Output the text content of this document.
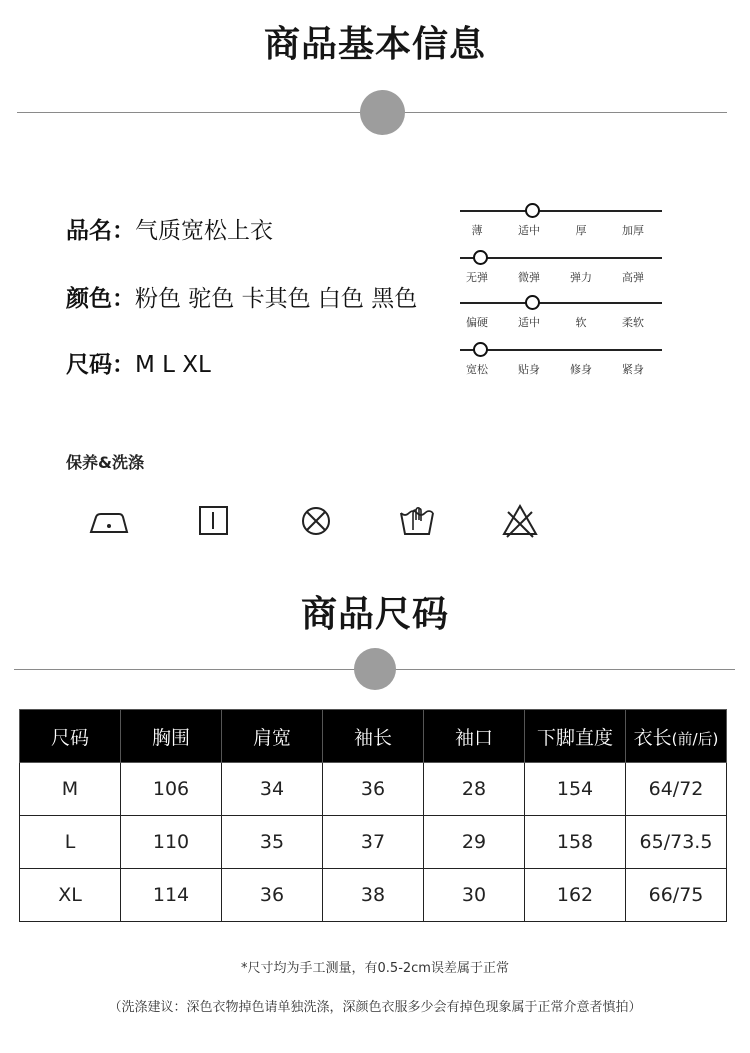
商品基本信息
品名：气质宽松上衣
颜色：粉色 驼色 卡其色 白色 黑色
尺码：M L XL
薄	适中	厚	加厚
无弹	微弹	弹力	高弹
偏硬	适中	软	柔软
宽松	贴身	修身	紧身
保养&洗涤
商品尺码
尺码	胸围	肩宽	袖长	袖口	下脚直度	衣长(前/后)
M	106	34	36	28	154	64/72
L	110	35	37	29	158	65/73.5
XL	114	36	38	30	162	66/75
*尺寸均为手工测量，有0.5-2cm误差属于正常
（洗涤建议：深色衣物掉色请单独洗涤，深颜色衣服多少会有掉色现象属于正常介意者慎拍）
